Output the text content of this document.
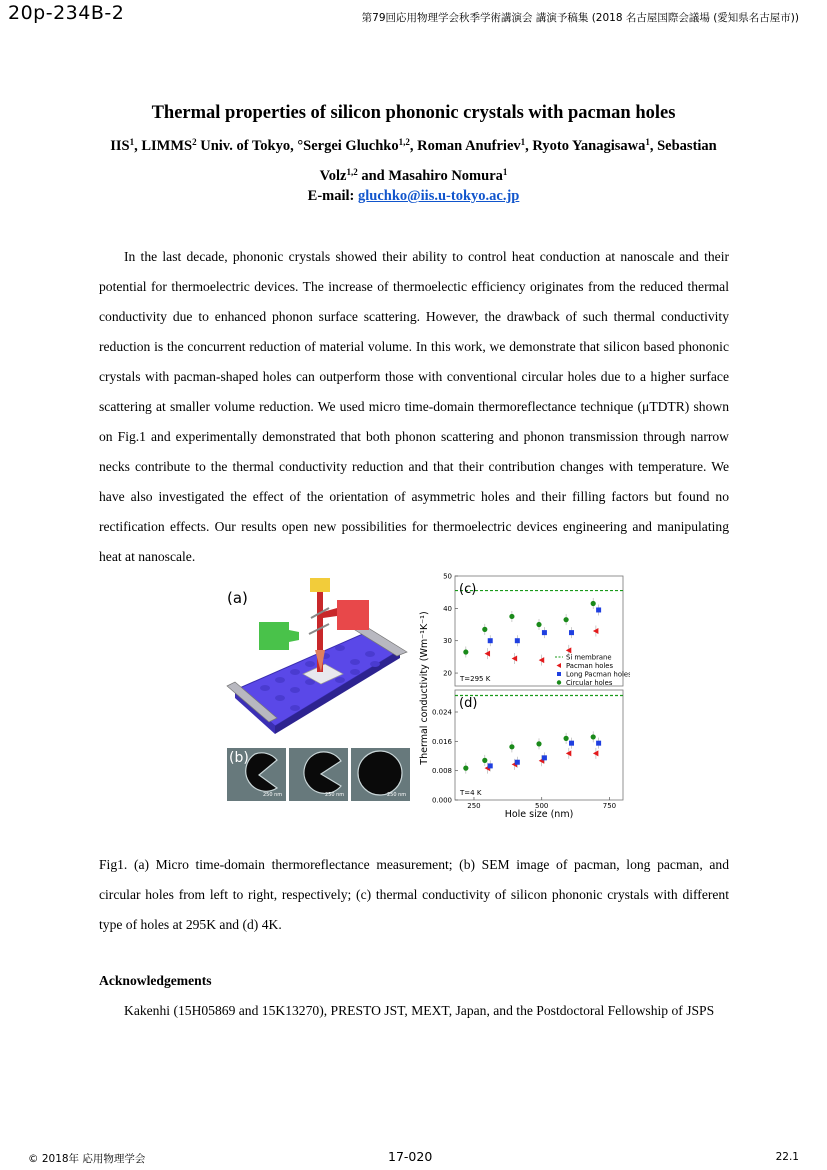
20p-234B-2	第79回応用物理学会秋季学術講演会 講演予稿集 (2018 名古屋国際会議場 (愛知県名古屋市))
Thermal properties of silicon phononic crystals with pacman holes
IIS$^1$, LIMMS$^2$ Univ. of Tokyo, °Sergei Gluchko$^{1,2}$, Roman Anufriev$^1$, Ryoto Yanagisawa$^1$, Sebastian Volz$^{1,2}$ and Masahiro Nomura$^1$
E-mail: gluchko@iis.u-tokyo.ac.jp

In the last decade, phononic crystals showed their ability to control heat conduction at nanoscale and their potential for thermoelectric devices. The increase of thermoelectic efficiency originates from the reduced thermal conductivity due to enhanced phonon surface scattering. However, the drawback of such thermal conductivity reduction is the concurrent reduction of material volume. In this work, we demonstrate that silicon based phononic crystals with pacman-shaped holes can outperform those with conventional circular holes due to a higher surface scattering at smaller volume reduction. We used micro time-domain thermoreflectance technique (μTDTR) shown on Fig.1 and experimentally demonstrated that both phonon scattering and phonon transmission through narrow necks contribute to the thermal conductivity reduction and that their contribution changes with temperature. We have also investigated the effect of the orientation of asymmetric holes and their filling factors but found no rectification effects. Our results open new possibilities for thermoelectric devices engineering and manipulating heat at nanoscale.

(a)
(b)
250 nm	250 nm	250 nm
20
30
40
50
(c)
T=295 K
Si membrane
Pacman holes
Long Pacman holes
Circular holes
0.000
0.008
0.016
0.024
250	500	750
(d)
T=4 K
Thermal conductivity (Wm⁻¹K⁻¹)
Hole size (nm)

Fig1. (a) Micro time-domain thermoreflectance measurement; (b) SEM image of pacman, long pacman, and circular holes from left to right, respectively; (c) thermal conductivity of silicon phononic crystals with different type of holes at 295K and (d) 4K.

Acknowledgements

Kakenhi (15H05869 and 15K13270), PRESTO JST, MEXT, Japan, and the Postdoctoral Fellowship of JSPS

© 2018年 応用物理学会	17-020	22.1
